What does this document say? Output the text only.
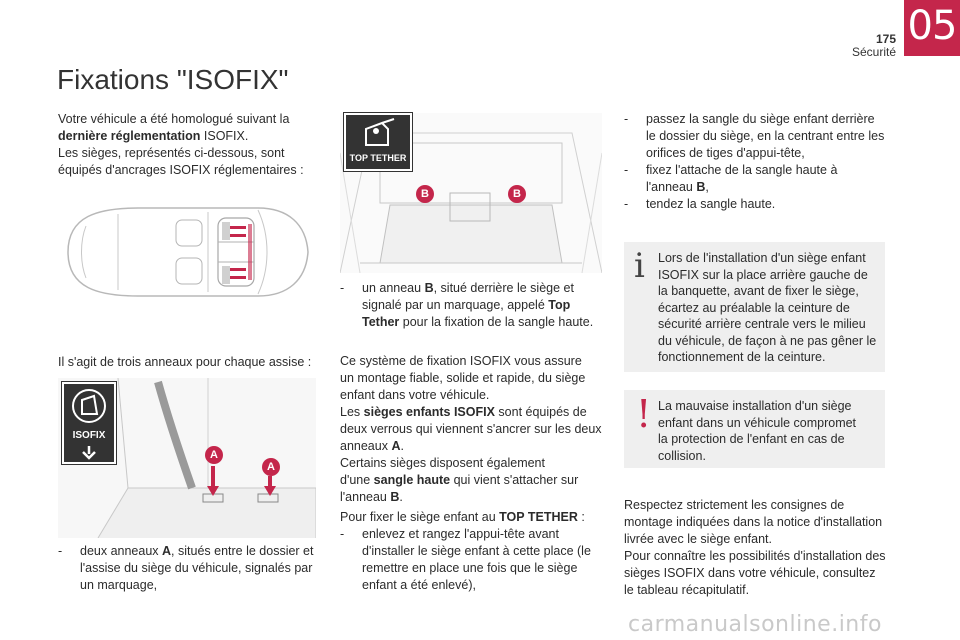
05
175
Sécurité
Fixations "ISOFIX"
Votre véhicule a été homologué suivant la
dernière réglementation ISOFIX.
Les sièges, représentés ci-dessous, sont
équipés d'ancrages ISOFIX réglementaires :
TOP TETHER
B	B
-	un anneau B, situé derrière le siège et
signalé par un marquage, appelé Top
Tether pour la fixation de la sangle haute.
Il s'agit de trois anneaux pour chaque assise :
ISOFIX
A
A
-	deux anneaux A, situés entre le dossier et
l'assise du siège du véhicule, signalés par
un marquage,
Ce système de fixation ISOFIX vous assure
un montage fiable, solide et rapide, du siège
enfant dans votre véhicule.
Les sièges enfants ISOFIX sont équipés de
deux verrous qui viennent s'ancrer sur les deux
anneaux A.
Certains sièges disposent également
d'une sangle haute qui vient s'attacher sur
l'anneau B.
Pour fixer le siège enfant au TOP TETHER :
-	enlevez et rangez l'appui-tête avant
d'installer le siège enfant à cette place (le
remettre en place une fois que le siège
enfant a été enlevé),
-	passez la sangle du siège enfant derrière
le dossier du siège, en la centrant entre les
orifices de tiges d'appui-tête,
-	fixez l'attache de la sangle haute à
l'anneau B,
-	tendez la sangle haute.
i Lors de l'installation d'un siège enfant
ISOFIX sur la place arrière gauche de
la banquette, avant de fixer le siège,
écartez au préalable la ceinture de
sécurité arrière centrale vers le milieu
du véhicule, de façon à ne pas gêner le
fonctionnement de la ceinture.
! La mauvaise installation d'un siège
enfant dans un véhicule compromet
la protection de l'enfant en cas de
collision.
Respectez strictement les consignes de
montage indiquées dans la notice d'installation
livrée avec le siège enfant.
Pour connaître les possibilités d'installation des
sièges ISOFIX dans votre véhicule, consultez
le tableau récapitulatif.
carmanualsonline.info
